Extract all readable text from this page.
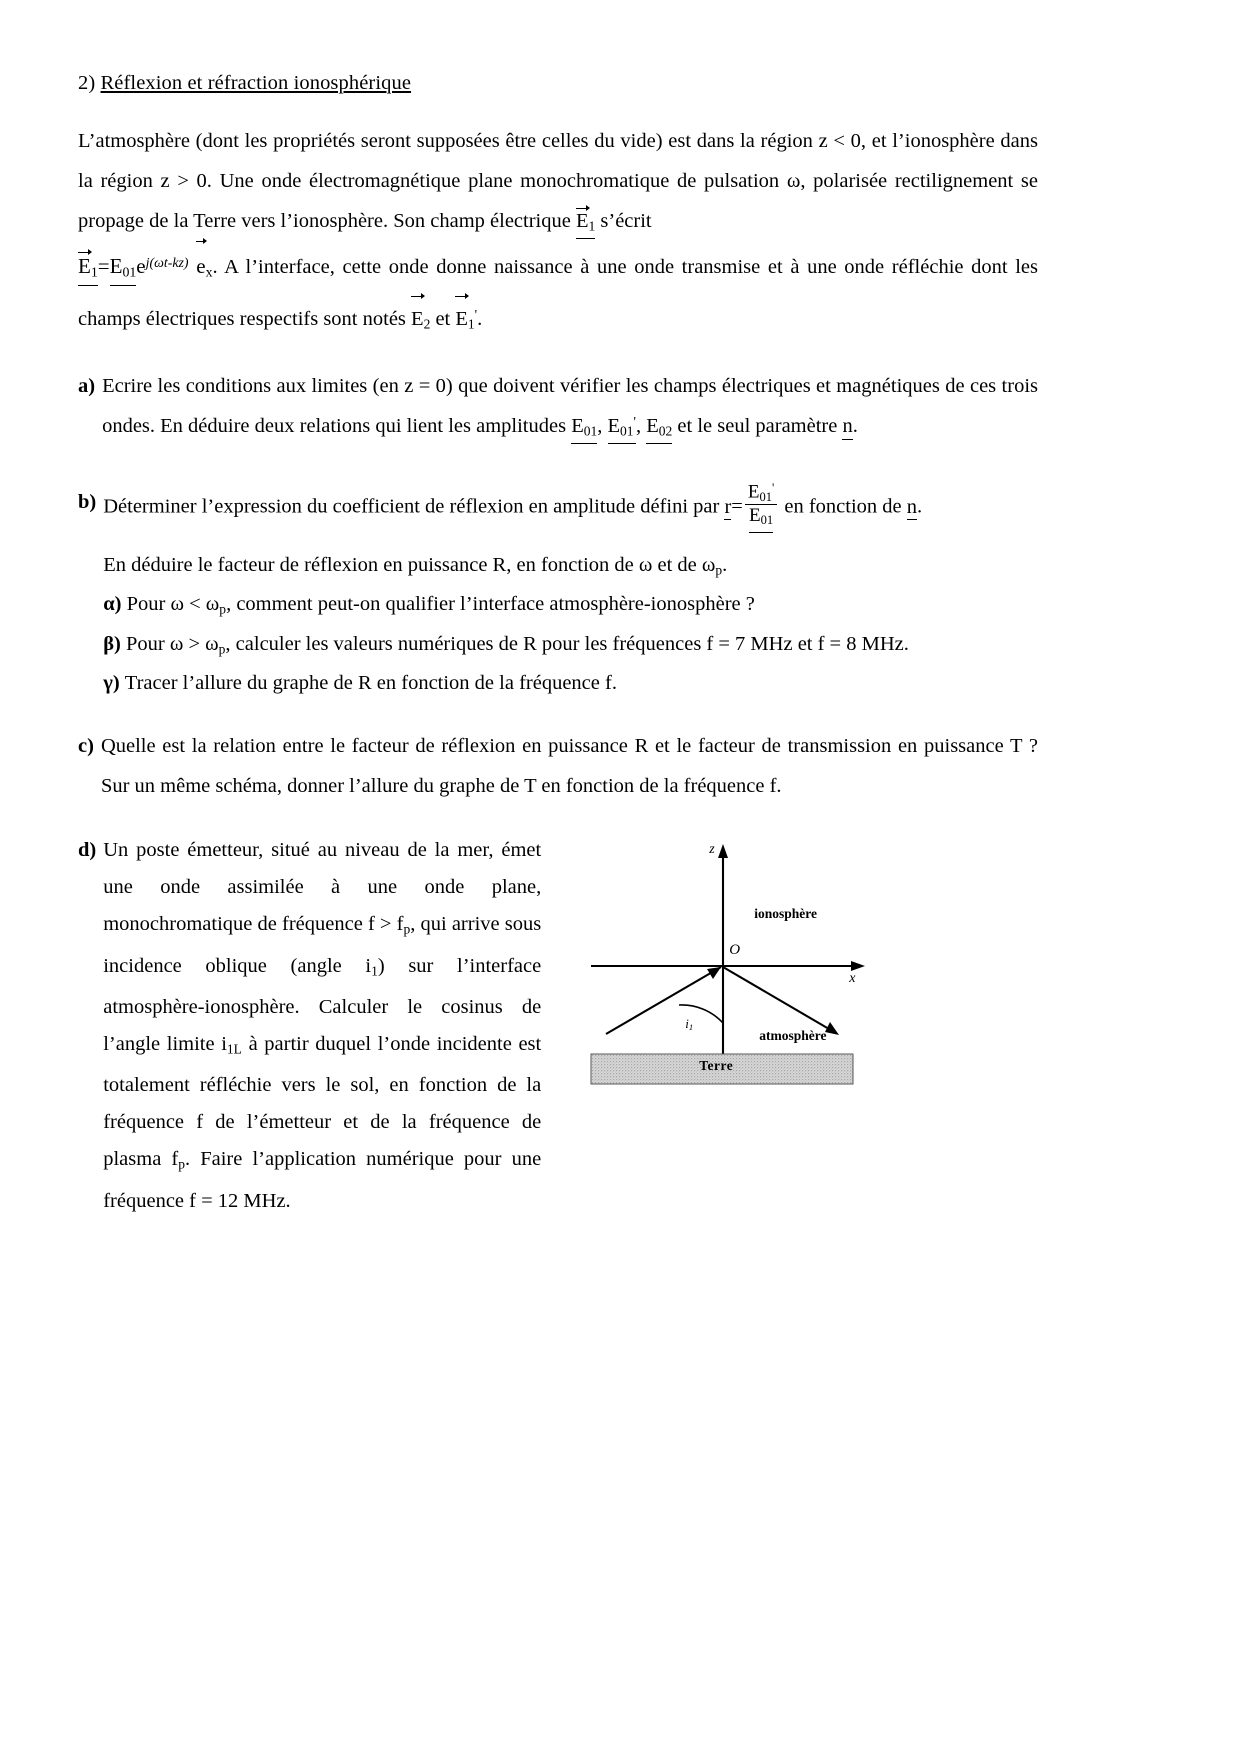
2) Réflexion et réfraction ionosphérique
L’atmosphère (dont les propriétés seront supposées être celles du vide) est dans la région z < 0, et l’ionosphère dans la région z > 0. Une onde électromagnétique plane monochromatique de pulsation ω, polarisée rectilignement se propage de la Terre vers l’ionosphère. Son champ électrique $E_1$ s’écrit
$E_1=E_{01}e^{j(\omega t-kz)}$ $e_x$. A l’interface, cette onde donne naissance à une onde transmise et à une onde réfléchie dont les champs électriques respectifs sont notés $E_2$ et $E_1'$.
a) Ecrire les conditions aux limites (en z = 0) que doivent vérifier les champs électriques et magnétiques de ces trois ondes. En déduire deux relations qui lient les amplitudes $E_{01}$, $E_{01}'$, $E_{02}$ et le seul paramètre n.
b) Déterminer l’expression du coefficient de réflexion en amplitude défini par $r= \frac{E_{01}'}{E_{01}}$ en fonction de n.
En déduire le facteur de réflexion en puissance R, en fonction de ω et de $\omega_p$.
α) Pour $\omega < \omega_p$, comment peut-on qualifier l’interface atmosphère-ionosphère ?
β) Pour $\omega > \omega_p$, calculer les valeurs numériques de R pour les fréquences f = 7 MHz et f = 8 MHz.
γ) Tracer l’allure du graphe de R en fonction de la fréquence f.
c) Quelle est la relation entre le facteur de réflexion en puissance R et le facteur de transmission en puissance T ? Sur un même schéma, donner l’allure du graphe de T en fonction de la fréquence f.
d) Un poste émetteur, situé au niveau de la mer, émet une onde assimilée à une onde plane, monochromatique de fréquence $f > f_p$, qui arrive sous incidence oblique (angle $i_1$) sur l’interface atmosphère-ionosphère. Calculer le cosinus de l’angle limite $i_{1L}$ à partir duquel l’onde incidente est totalement réfléchie vers le sol, en fonction de la fréquence f de l’émetteur et de la fréquence de plasma $f_p$. Faire l’application numérique pour une fréquence f = 12 MHz.
z
x
O
ionosphère
atmosphère
Terre
$i_1$
